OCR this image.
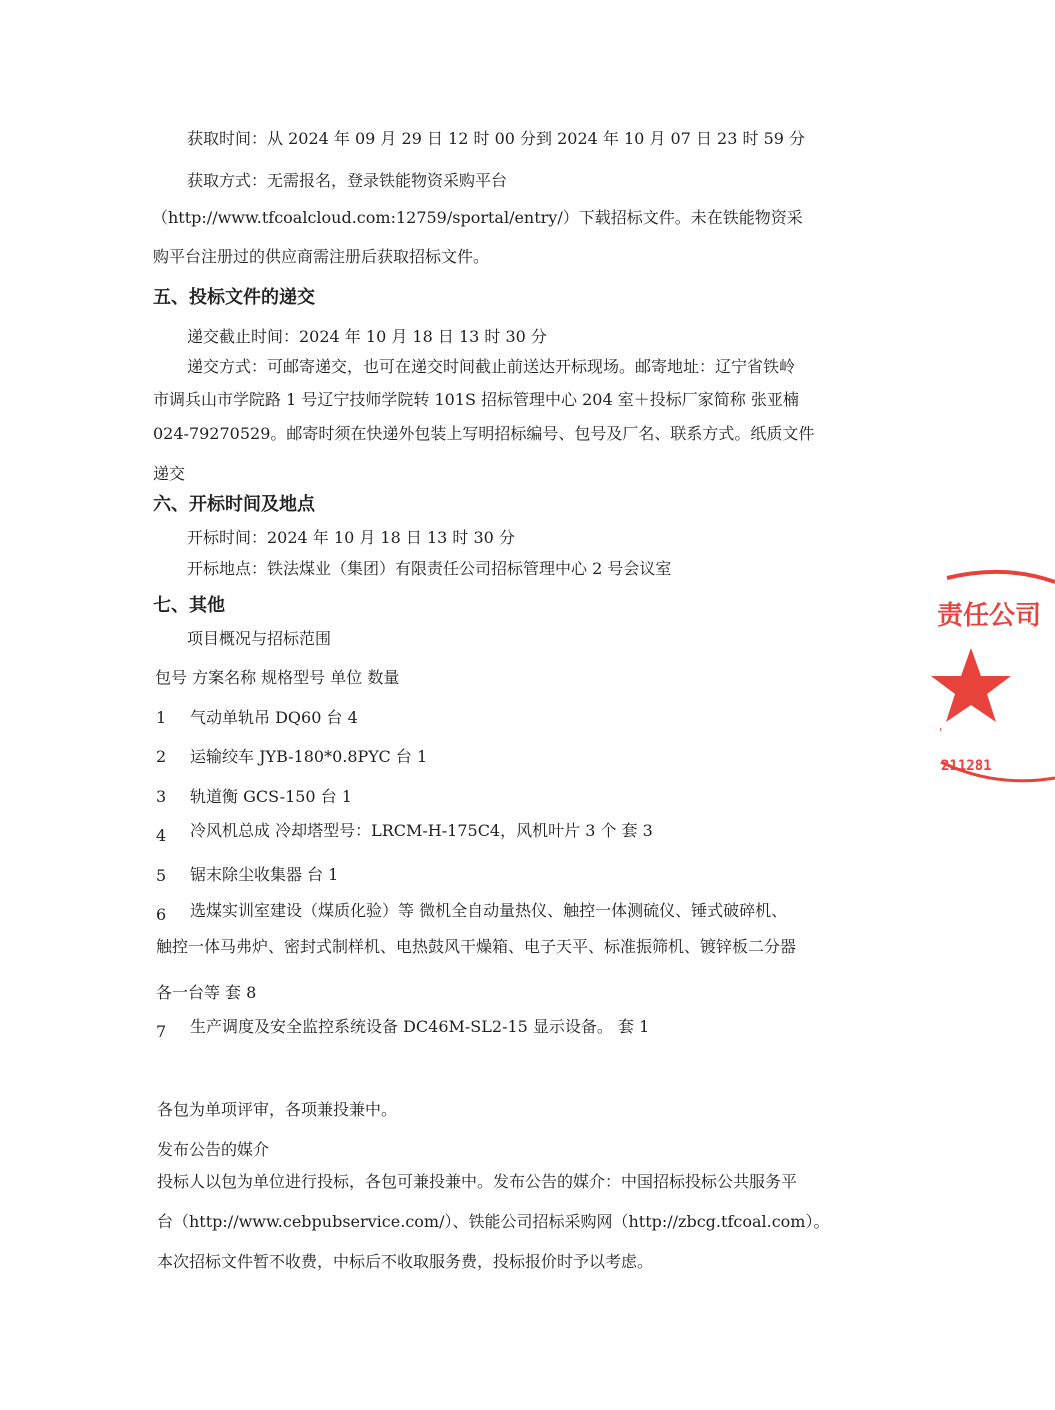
获取时间：从 2024 年 09 月 29 日 12 时 00 分到 2024 年 10 月 07 日 23 时 59 分
获取方式：无需报名，登录铁能物资采购平台
（http://www.tfcoalcloud.com:12759/sportal/entry/）下载招标文件。未在铁能物资采
购平台注册过的供应商需注册后获取招标文件。
五、投标文件的递交
递交截止时间：2024 年 10 月 18 日 13 时 30 分
递交方式：可邮寄递交，也可在递交时间截止前送达开标现场。邮寄地址：辽宁省铁岭
市调兵山市学院路 1 号辽宁技师学院转 101S 招标管理中心 204 室＋投标厂家简称 张亚楠
024-79270529。邮寄时须在快递外包装上写明招标编号、包号及厂名、联系方式。纸质文件
递交
六、开标时间及地点
开标时间：2024 年 10 月 18 日 13 时 30 分
开标地点：铁法煤业（集团）有限责任公司招标管理中心 2 号会议室
七、其他
项目概况与招标范围
包号 方案名称 规格型号 单位 数量
1 气动单轨吊 DQ60 台 4
2 运输绞车 JYB-180*0.8PYC 台 1
3 轨道衡 GCS-150 台 1
4 冷风机总成 冷却塔型号：LRCM-H-175C4，风机叶片 3 个 套 3
5 锯末除尘收集器 台 1
6 选煤实训室建设（煤质化验）等 微机全自动量热仪、触控一体测硫仪、锤式破碎机、
触控一体马弗炉、密封式制样机、电热鼓风干燥箱、电子天平、标准振筛机、镀锌板二分器
各一台等 套 8
7 生产调度及安全监控系统设备 DC46M-SL2-15 显示设备。 套 1
各包为单项评审，各项兼投兼中。
发布公告的媒介
投标人以包为单位进行投标，各包可兼投兼中。发布公告的媒介：中国招标投标公共服务平
台（http://www.cebpubservice.com/）、铁能公司招标采购网（http://zbcg.tfcoal.com）。
本次招标文件暂不收费，中标后不收取服务费，投标报价时予以考虑。
责任公司
'
211281
